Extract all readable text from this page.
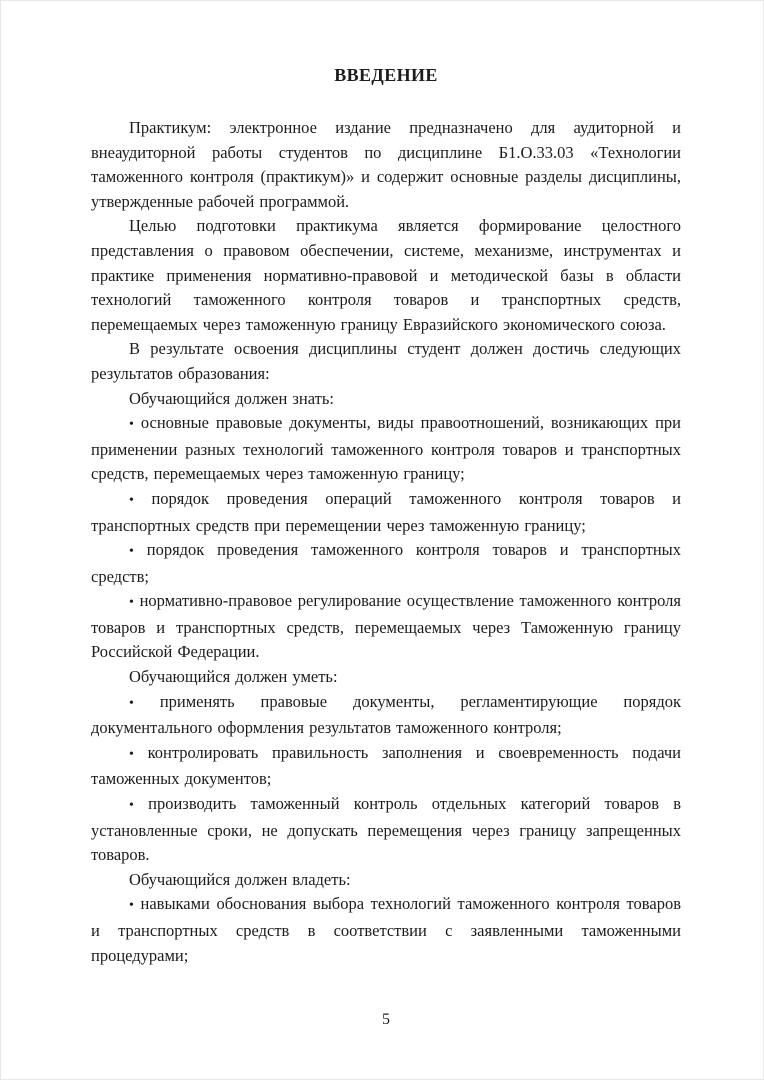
ВВЕДЕНИЕ

Практикум: электронное издание предназначено для аудиторной и внеаудиторной работы студентов по дисциплине Б1.О.33.03 «Технологии таможенного контроля (практикум)» и содержит основные разделы дисциплины, утвержденные рабочей программой.

Целью подготовки практикума является формирование целостного представления о правовом обеспечении, системе, механизме, инструментах и практике применения нормативно-правовой и методической базы в области технологий таможенного контроля товаров и транспортных средств, перемещаемых через таможенную границу Евразийского экономического союза.

В результате освоения дисциплины студент должен достичь следующих результатов образования:

Обучающийся должен знать:

• основные правовые документы, виды правоотношений, возникающих при применении разных технологий таможенного контроля товаров и транспортных средств, перемещаемых через таможенную границу;

• порядок проведения операций таможенного контроля товаров и транспортных средств при перемещении через таможенную границу;

• порядок проведения таможенного контроля товаров и транспортных средств;

• нормативно-правовое регулирование осуществление таможенного контроля товаров и транспортных средств, перемещаемых через Таможенную границу Российской Федерации.

Обучающийся должен уметь:

• применять правовые документы, регламентирующие порядок документального оформления результатов таможенного контроля;

• контролировать правильность заполнения и своевременность подачи таможенных документов;

• производить таможенный контроль отдельных категорий товаров в установленные сроки, не допускать перемещения через границу запрещенных товаров.

Обучающийся должен владеть:

• навыками обоснования выбора технологий таможенного контроля товаров и транспортных средств в соответствии с заявленными таможенными процедурами;

5
